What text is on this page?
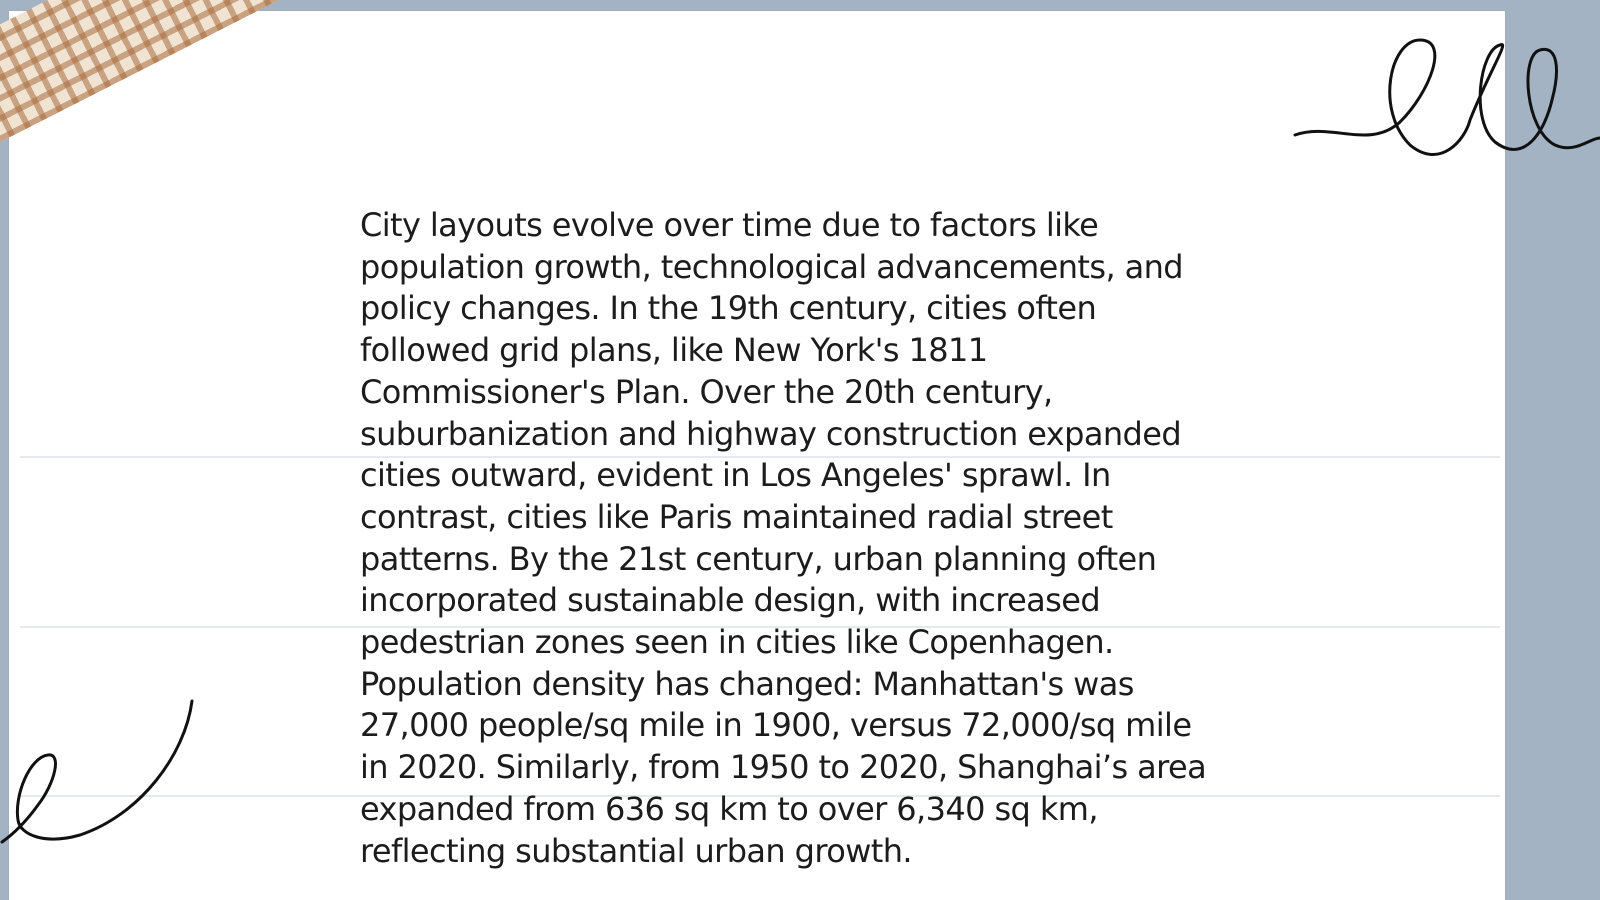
City layouts evolve over time due to factors like
population growth, technological advancements, and
policy changes. In the 19th century, cities often
followed grid plans, like New York's 1811
Commissioner's Plan. Over the 20th century,
suburbanization and highway construction expanded
cities outward, evident in Los Angeles' sprawl. In
contrast, cities like Paris maintained radial street
patterns. By the 21st century, urban planning often
incorporated sustainable design, with increased
pedestrian zones seen in cities like Copenhagen.
Population density has changed: Manhattan's was
27,000 people/sq mile in 1900, versus 72,000/sq mile
in 2020. Similarly, from 1950 to 2020, Shanghai’s area
expanded from 636 sq km to over 6,340 sq km,
reflecting substantial urban growth.
